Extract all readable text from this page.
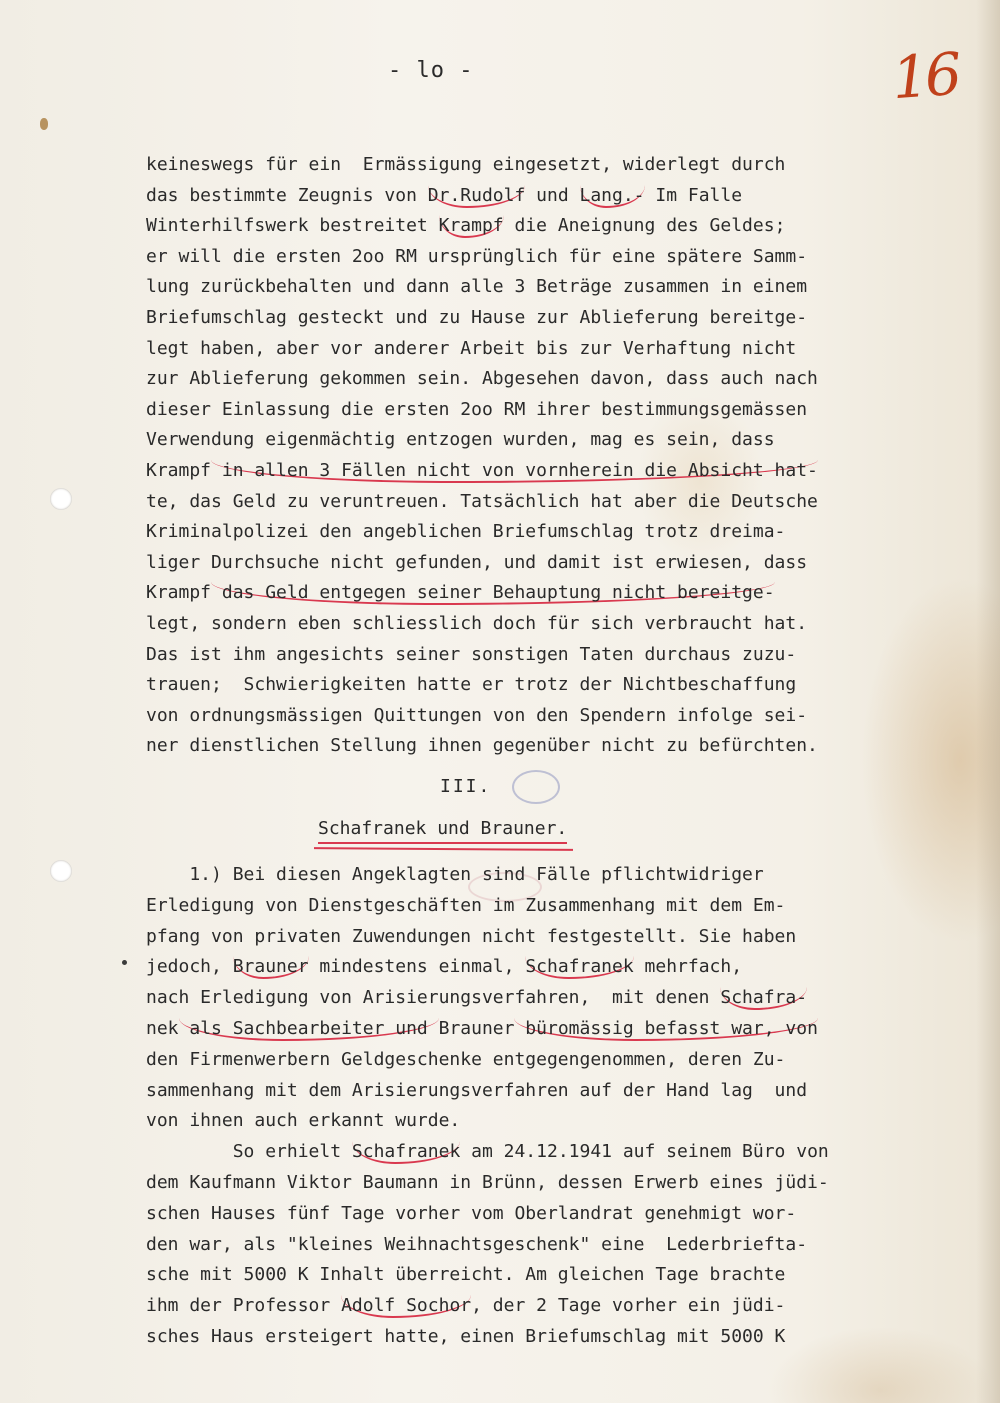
- lo -	16
keineswegs für ein  Ermässigung eingesetzt, widerlegt durch
das bestimmte Zeugnis von Dr.Rudolf und Lang.- Im Falle
Winterhilfswerk bestreitet Krampf die Aneignung des Geldes;
er will die ersten 2oo RM ursprünglich für eine spätere Samm-
lung zurückbehalten und dann alle 3 Beträge zusammen in einem
Briefumschlag gesteckt und zu Hause zur Ablieferung bereitge-
legt haben, aber vor anderer Arbeit bis zur Verhaftung nicht
zur Ablieferung gekommen sein. Abgesehen davon, dass auch nach
dieser Einlassung die ersten 2oo RM ihrer bestimmungsgemässen
Verwendung eigenmächtig entzogen wurden, mag es sein, dass
Krampf in allen 3 Fällen nicht von vornherein die Absicht hat-
te, das Geld zu veruntreuen. Tatsächlich hat aber die Deutsche
Kriminalpolizei den angeblichen Briefumschlag trotz dreima-
liger Durchsuche nicht gefunden, und damit ist erwiesen, dass
Krampf das Geld entgegen seiner Behauptung nicht bereitge-
legt, sondern eben schliesslich doch für sich verbraucht hat.
Das ist ihm angesichts seiner sonstigen Taten durchaus zuzu-
trauen;  Schwierigkeiten hatte er trotz der Nichtbeschaffung
von ordnungsmässigen Quittungen von den Spendern infolge sei-
ner dienstlichen Stellung ihnen gegenüber nicht zu befürchten.
III.
Schafranek und Brauner.
1.) Bei diesen Angeklagten sind Fälle pflichtwidriger
Erledigung von Dienstgeschäften im Zusammenhang mit dem Em-
pfang von privaten Zuwendungen nicht festgestellt. Sie haben
jedoch, Brauner mindestens einmal, Schafranek mehrfach,
nach Erledigung von Arisierungsverfahren,  mit denen Schafra-
nek als Sachbearbeiter und Brauner büromässig befasst war, von
den Firmenwerbern Geldgeschenke entgegengenommen, deren Zu-
sammenhang mit dem Arisierungsverfahren auf der Hand lag  und
von ihnen auch erkannt wurde.
So erhielt Schafranek am 24.12.1941 auf seinem Büro von
dem Kaufmann Viktor Baumann in Brünn, dessen Erwerb eines jüdi-
schen Hauses fünf Tage vorher vom Oberlandrat genehmigt wor-
den war, als "kleines Weihnachtsgeschenk" eine  Lederbriefta-
sche mit 5000 K Inhalt überreicht. Am gleichen Tage brachte
ihm der Professor Adolf Sochor, der 2 Tage vorher ein jüdi-
sches Haus ersteigert hatte, einen Briefumschlag mit 5000 K
